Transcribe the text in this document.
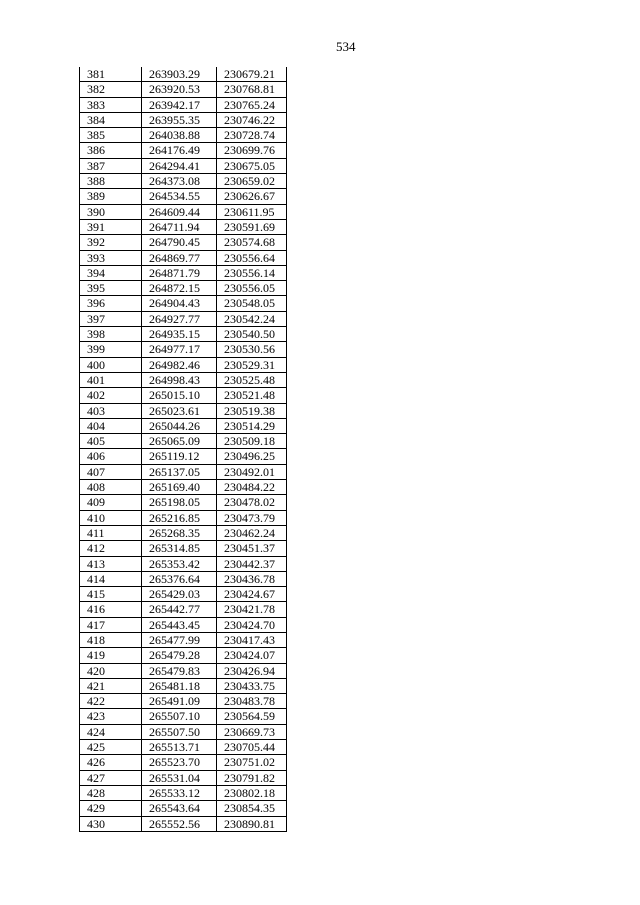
534
381	263903.29	230679.21
382	263920.53	230768.81
383	263942.17	230765.24
384	263955.35	230746.22
385	264038.88	230728.74
386	264176.49	230699.76
387	264294.41	230675.05
388	264373.08	230659.02
389	264534.55	230626.67
390	264609.44	230611.95
391	264711.94	230591.69
392	264790.45	230574.68
393	264869.77	230556.64
394	264871.79	230556.14
395	264872.15	230556.05
396	264904.43	230548.05
397	264927.77	230542.24
398	264935.15	230540.50
399	264977.17	230530.56
400	264982.46	230529.31
401	264998.43	230525.48
402	265015.10	230521.48
403	265023.61	230519.38
404	265044.26	230514.29
405	265065.09	230509.18
406	265119.12	230496.25
407	265137.05	230492.01
408	265169.40	230484.22
409	265198.05	230478.02
410	265216.85	230473.79
411	265268.35	230462.24
412	265314.85	230451.37
413	265353.42	230442.37
414	265376.64	230436.78
415	265429.03	230424.67
416	265442.77	230421.78
417	265443.45	230424.70
418	265477.99	230417.43
419	265479.28	230424.07
420	265479.83	230426.94
421	265481.18	230433.75
422	265491.09	230483.78
423	265507.10	230564.59
424	265507.50	230669.73
425	265513.71	230705.44
426	265523.70	230751.02
427	265531.04	230791.82
428	265533.12	230802.18
429	265543.64	230854.35
430	265552.56	230890.81
